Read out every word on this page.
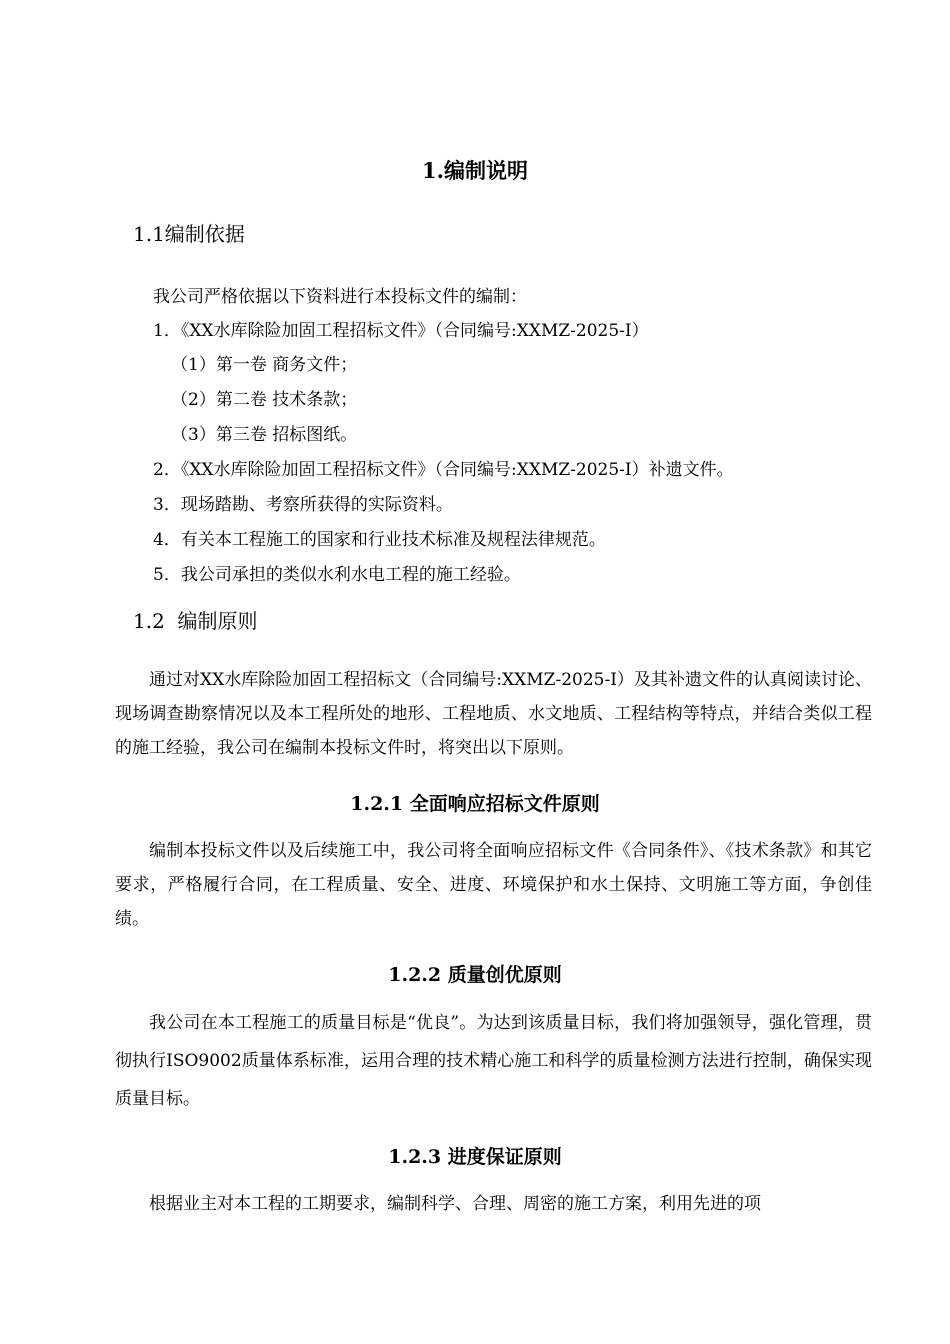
1.编制说明
1.1编制依据
我公司严格依据以下资料进行本投标文件的编制：
1．《XX水库除险加固工程招标文件》（合同编号:XXMZ-2025-I）
（1）第一卷 商务文件；
（2）第二卷 技术条款；
（3）第三卷 招标图纸。
2．《XX水库除险加固工程招标文件》（合同编号:XXMZ-2025-I）补遗文件。
3．现场踏勘、考察所获得的实际资料。
4．有关本工程施工的国家和行业技术标准及规程法律规范。
5．我公司承担的类似水利水电工程的施工经验。
1.2  编制原则
通过对XX水库除险加固工程招标文（合同编号:XXMZ-2025-I）及其补遗文件的认真阅读讨论、现场调查勘察情况以及本工程所处的地形、工程地质、水文地质、工程结构等特点，并结合类似工程的施工经验，我公司在编制本投标文件时，将突出以下原则。
1.2.1 全面响应招标文件原则
编制本投标文件以及后续施工中，我公司将全面响应招标文件《合同条件》、《技术条款》和其它要求，严格履行合同，在工程质量、安全、进度、环境保护和水土保持、文明施工等方面，争创佳绩。
1.2.2 质量创优原则
我公司在本工程施工的质量目标是“优良”。为达到该质量目标，我们将加强领导，强化管理，贯彻执行ISO9002质量体系标准，运用合理的技术精心施工和科学的质量检测方法进行控制，确保实现质量目标。
1.2.3 进度保证原则
根据业主对本工程的工期要求，编制科学、合理、周密的施工方案，利用先进的项
